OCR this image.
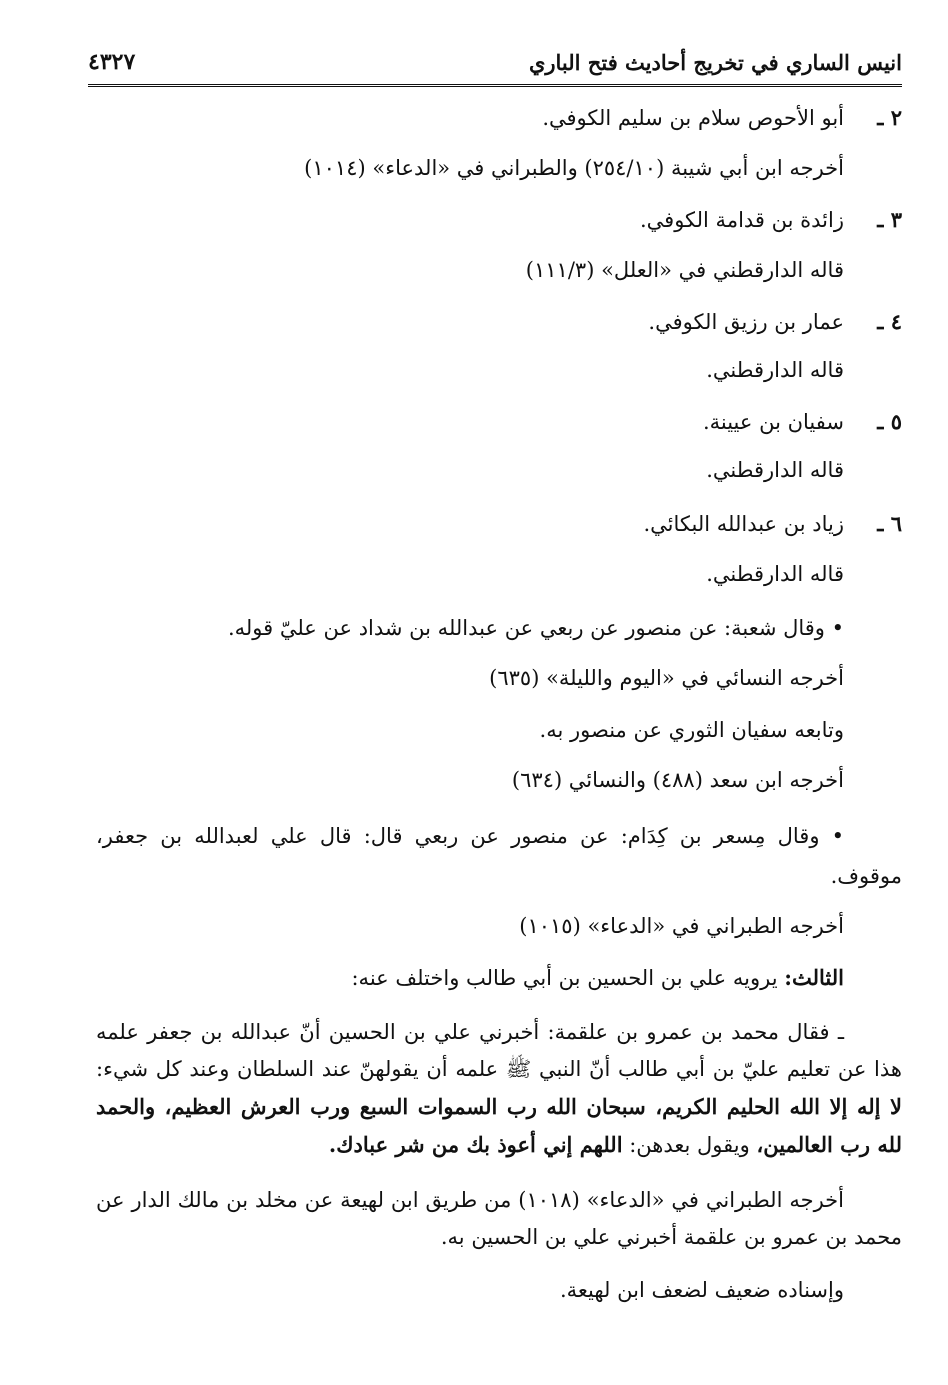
انيس الساري في تخريج أحاديث فتح الباري
٤٣٢٧
٢ ـ
أبو الأحوص سلام بن سليم الكوفي.
أخرجه ابن أبي شيبة (٢٥٤/١٠) والطبراني في «الدعاء» (١٠١٤)
٣ ـ
زائدة بن قدامة الكوفي.
قاله الدارقطني في «العلل» (١١١/٣)
٤ ـ
عمار بن رزيق الكوفي.
قاله الدارقطني.
٥ ـ
سفيان بن عيينة.
قاله الدارقطني.
٦ ـ
زياد بن عبدالله البكائي.
قاله الدارقطني.
• وقال شعبة: عن منصور عن ربعي عن عبدالله بن شداد عن عليّ قوله.
أخرجه النسائي في «اليوم والليلة» (٦٣٥)
وتابعه سفيان الثوري عن منصور به.
أخرجه ابن سعد (٤٨٨) والنسائي (٦٣٤)
• وقال مِسعر بن كِدَام: عن منصور عن ربعي قال: قال علي لعبدالله بن جعفر،
موقوف.
أخرجه الطبراني في «الدعاء» (١٠١٥)
الثالث: يرويه علي بن الحسين بن أبي طالب واختلف عنه:
ـ فقال محمد بن عمرو بن علقمة: أخبرني علي بن الحسين أنّ عبدالله بن جعفر علمه هذا عن تعليم عليّ بن أبي طالب أنّ النبي ﷺ علمه أن يقولهنّ عند السلطان وعند كل شيء: لا إله إلا الله الحليم الكريم، سبحان الله رب السموات السبع ورب العرش العظيم، والحمد لله رب العالمين، ويقول بعدهن: اللهم إني أعوذ بك من شر عبادك.
أخرجه الطبراني في «الدعاء» (١٠١٨) من طريق ابن لهيعة عن مخلد بن مالك الدار عن محمد بن عمرو بن علقمة أخبرني علي بن الحسين به.
وإسناده ضعيف لضعف ابن لهيعة.
